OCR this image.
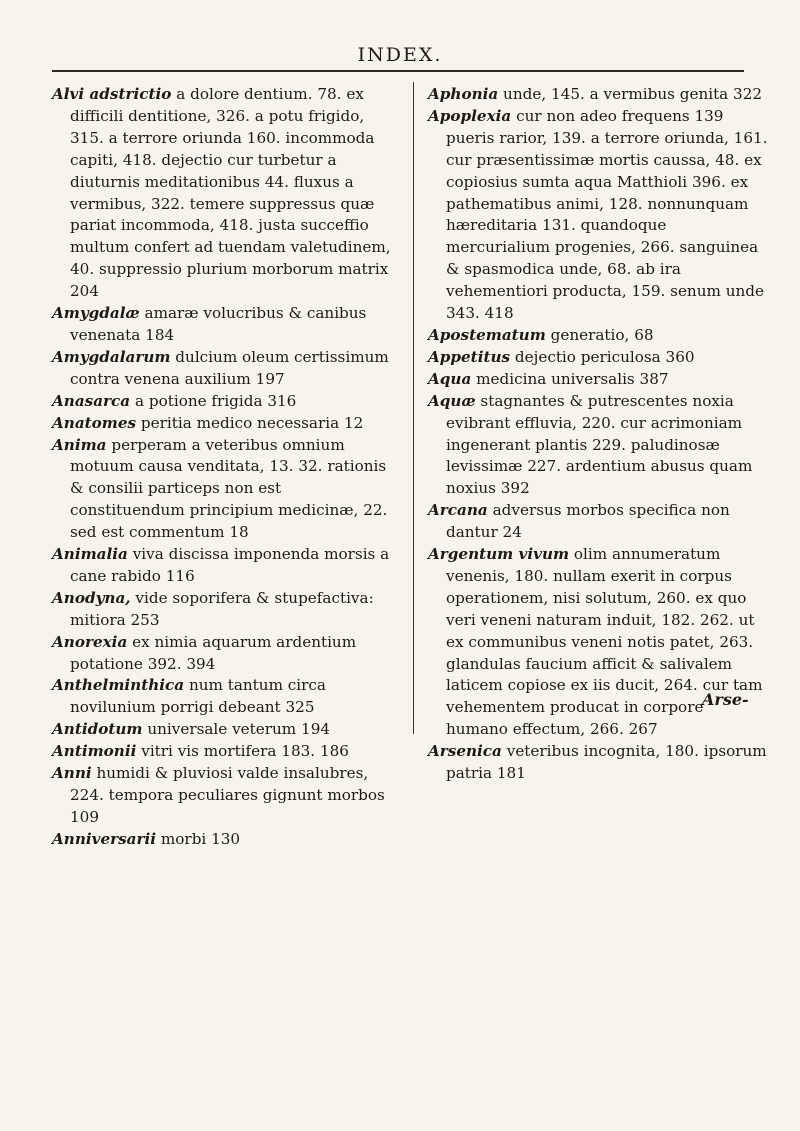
INDEX.
Alvi adstrictio a dolore dentium. 78. ex difficili dentitione, 326. a potu frigido, 315. a terrore oriunda 160. incommoda capiti, 418. dejectio cur turbetur a diuturnis meditationibus 44. fluxus a vermibus, 322. temere suppressus quæ pariat incommoda, 418. justa succeffio multum confert ad tuendam valetudinem, 40. suppressio plurium morborum matrix 204
Amygdalæ amaræ volucribus & canibus venenata 184
Amygdalarum dulcium oleum certissimum contra venena auxilium 197
Anasarca a potione frigida 316
Anatomes peritia medico necessaria 12
Anima perperam a veteribus omnium motuum causa venditata, 13. 32. rationis & consilii particeps non est constituendum principium medicinæ, 22. sed est commentum 18
Animalia viva discissa imponenda morsis a cane rabido 116
Anodyna, vide soporifera & stupefactiva: mitiora 253
Anorexia ex nimia aquarum ardentium potatione 392. 394
Anthelminthica num tantum circa novilunium porrigi debeant 325
Antidotum universale veterum 194
Antimonii vitri vis mortifera 183. 186
Anni humidi & pluviosi valde insalubres, 224. tempora peculiares gignunt morbos 109
Anniversarii morbi 130
Aphonia unde, 145. a vermibus genita 322
Apoplexia cur non adeo frequens 139 pueris rarior, 139. a terrore oriunda, 161. cur præsentissimæ mortis caussa, 48. ex copiosius sumta aqua Matthioli 396. ex pathematibus animi, 128. nonnunquam hæreditaria 131. quandoque mercurialium progenies, 266. sanguinea & spasmodica unde, 68. ab ira vehementiori producta, 159. senum unde 343. 418
Apostematum generatio, 68
Appetitus dejectio periculosa 360
Aqua medicina universalis 387
Aquæ stagnantes & putrescentes noxia evibrant effluvia, 220. cur acrimoniam ingenerant plantis 229. paludinosæ levissimæ 227. ardentium abusus quam noxius 392
Arcana adversus morbos specifica non dantur 24
Argentum vivum olim annumeratum venenis, 180. nullam exerit in corpus operationem, nisi solutum, 260. ex quo veri veneni naturam induit, 182. 262. ut ex communibus veneni notis patet, 263. glandulas faucium afficit & salivalem laticem copiose ex iis ducit, 264. cur tam vehementem producat in corpore humano effectum, 266. 267
Arsenica veteribus incognita, 180. ipsorum patria 181
Arse-
